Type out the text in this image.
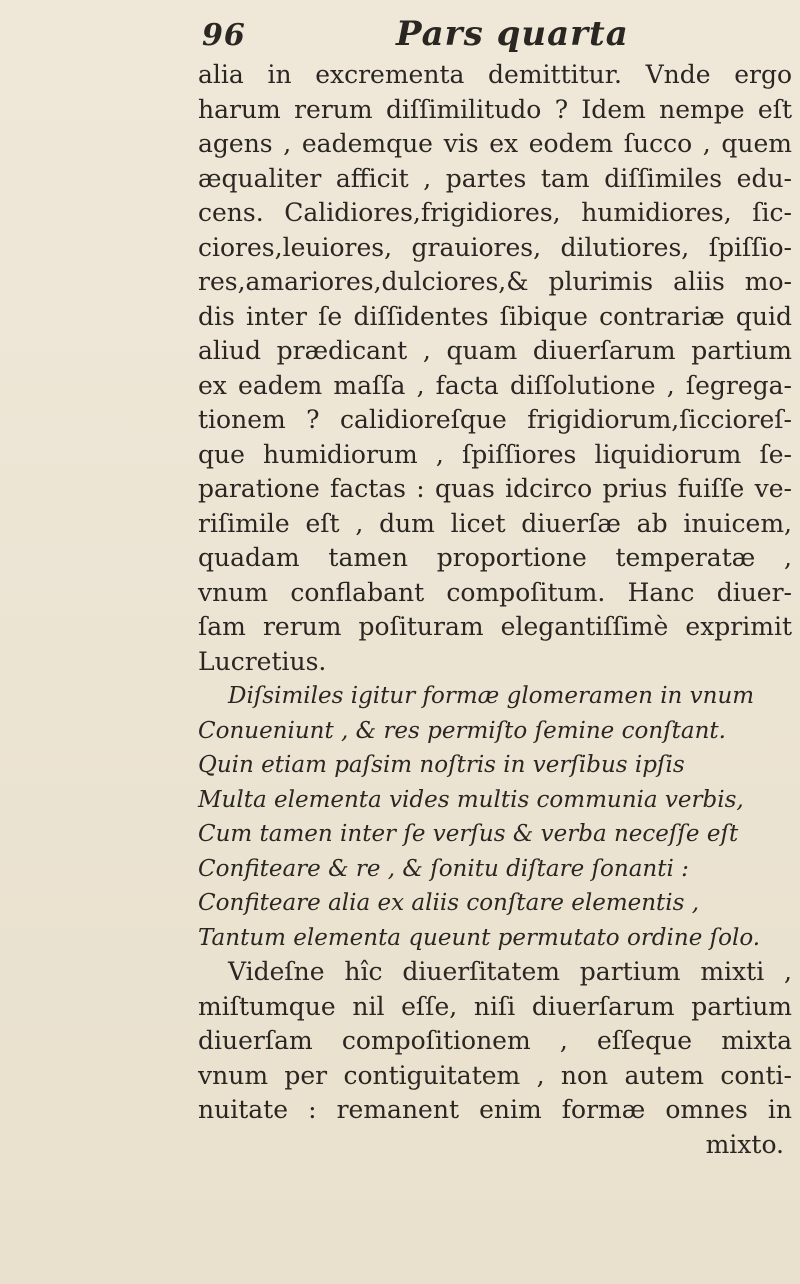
96	Pars quarta
alia in excrementa demittitur. Vnde ergo
harum rerum diſſimilitudo ? Idem nempe eſt
agens , eademque vis ex eodem ſucco , quem
æqualiter afficit , partes tam diſſimiles edu-
cens. Calidiores,frigidiores, humidiores, ſic-
ciores,leuiores, grauiores, dilutiores, ſpiſſio-
res,amariores,dulciores,& plurimis aliis mo-
dis inter ſe diſſidentes ſibique contrariæ quid
aliud prædicant , quam diuerſarum partium
ex eadem maſſa , facta diſſolutione , ſegrega-
tionem ? calidioreſque frigidiorum,ſiccioreſ-
que humidiorum , ſpiſſiores liquidiorum ſe-
paratione factas : quas idcirco prius fuiſſe ve-
riſimile eſt , dum licet diuerſæ ab inuicem,
quadam tamen proportione temperatæ ,
vnum conflabant compoſitum. Hanc diuer-
ſam rerum poſituram elegantiſſimè exprimit
Lucretius.
Diſsimiles igitur formæ glomeramen in vnum
Conueniunt , & res permiſto ſemine conſtant.
Quin etiam paſsim noſtris in verſibus ipſis
Multa elementa vides multis communia verbis,
Cum tamen inter ſe verſus & verba neceſſe eſt
Confiteare & re , & ſonitu diſtare ſonanti :
Confiteare alia ex aliis conſtare elementis ,
Tantum elementa queunt permutato ordine ſolo.
Videſne hîc diuerſitatem partium mixti ,
miſtumque nil eſſe, niſi diuerſarum partium
diuerſam compoſitionem , eſſeque mixta
vnum per contiguitatem , non autem conti-
nuitate : remanent enim formæ omnes in
mixto.
